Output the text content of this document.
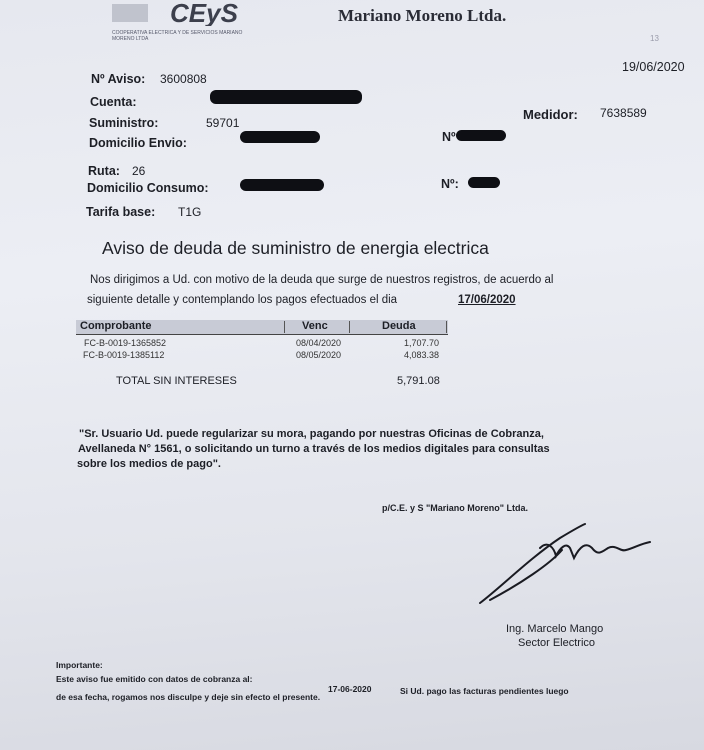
CEyS
COOPERATIVA ELECTRICA Y DE SERVICIOS MARIANO MORENO LTDA
Mariano Moreno Ltda.
13
19/06/2020
Nº Aviso: 3600808
Cuenta:
Suministro:	59701
Medidor: 7638589
Domicilio Envio:	Nº
Ruta: 26
Domicilio Consumo:	Nº:
Tarifa base: T1G
Aviso de deuda de suministro de energia electrica
Nos dirigimos a Ud. con motivo de la deuda que surge de nuestros registros, de acuerdo al
siguiente detalle y contemplando los pagos efectuados el dia	17/06/2020
Comprobante	Venc	Deuda
FC-B-0019-1365852	08/04/2020	1,707.70
FC-B-0019-1385112	08/05/2020	4,083.38
TOTAL SIN INTERESES	5,791.08
"Sr. Usuario Ud. puede regularizar su mora, pagando por nuestras Oficinas de Cobranza,
Avellaneda N° 1561, o solicitando un turno a través de los medios digitales para consultas
sobre los medios de pago".
p/C.E. y S "Mariano Moreno" Ltda.
Ing. Marcelo Mango
Sector Electrico
Importante:
Este aviso fue emitido con datos de cobranza al:
17-06-2020	Si Ud. pago las facturas pendientes luego
de esa fecha, rogamos nos disculpe y deje sin efecto el presente.
